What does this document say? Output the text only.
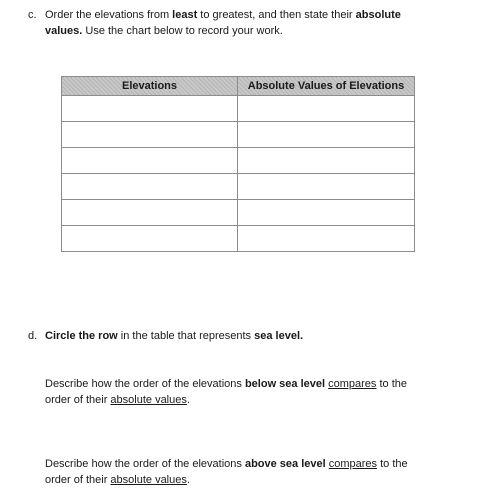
c. Order the elevations from least to greatest, and then state their absolute
values. Use the chart below to record your work.
Elevations	Absolute Values of Elevations

d. Circle the row in the table that represents sea level.
Describe how the order of the elevations below sea level compares to the
order of their absolute values.
Describe how the order of the elevations above sea level compares to the
order of their absolute values.
